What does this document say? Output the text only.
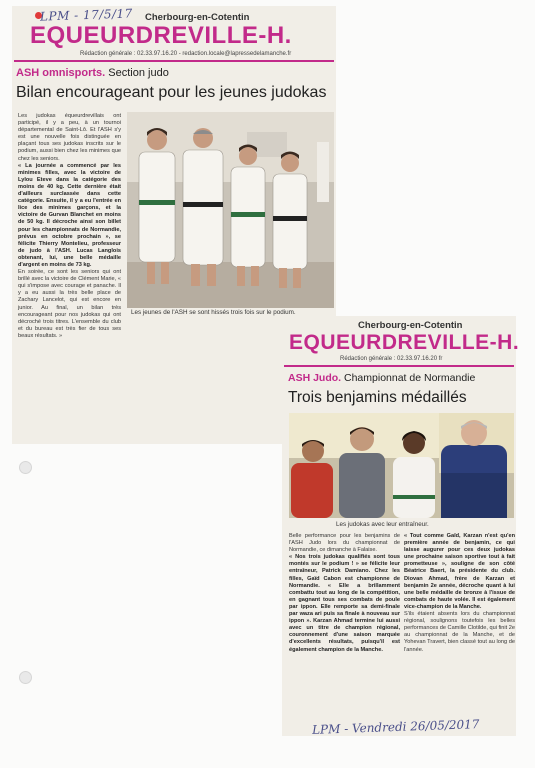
LPM - 17/5/17 Cherbourg-en-Cotentin
EQUEURDREVILLE-H.
Rédaction générale : 02.33.97.16.20 - redaction.locale@lapressedelamanche.fr
ASH omnisports. Section judo
Bilan encourageant pour les jeunes judokas
Les jeunes de l'ASH se sont hissés trois fois sur le podium.

Les judokas équeurdrevillais ont participé, il y a peu, à un tournoi départemental de Saint-Lô. Et l'ASH s'y est une nouvelle fois distinguée en plaçant tous ses judokas inscrits sur le podium, aussi bien chez les minimes que chez les seniors.

« La journée a commencé par les minimes filles, avec la victoire de Lylou Eteve dans la catégorie des moins de 40 kg. Cette dernière était d'ailleurs surclassée dans cette catégorie. Ensuite, il y a eu l'entrée en lice des minimes garçons, et la victoire de Gurvan Blanchet en moins de 50 kg. Il décroche ainsi son billet pour les championnats de Normandie, prévus en octobre prochain », se félicite Thierry Montelieu, professeur de judo à l'ASH. Lucas Langlois obtenant, lui, une belle médaille d'argent en moins de 73 kg.

En soirée, ce sont les seniors qui ont brillé avec la victoire de Clément Marie, « qui s'impose avec courage et panache. Il y a eu aussi la très belle place de Zachary Lancelot, qui est encore en junior. Au final, un bilan très encourageant pour nos judokas qui ont décroché trois titres. L'ensemble du club et du bureau est très fier de tous ses beaux résultats. »

Cherbourg-en-Cotentin
EQUEURDREVILLE-H.
Rédaction générale : 02.33.97.16.20 fr
ASH Judo. Championnat de Normandie
Trois benjamins médaillés
Les judokas avec leur entraîneur.

Belle performance pour les benjamins de l'ASH Judo lors du championnat de Normandie, ce dimanche à Falaise.

« Nos trois judokas qualifiés sont tous montés sur le podium ! » se félicite leur entraîneur, Patrick Damiano. Chez les filles, Gaïd Cabon est championne de Normandie. « Elle a brillamment combattu tout au long de la compétition, en gagnant tous ses combats de poule par ippon. Elle remporte sa demi-finale par waza ari puis sa finale à nouveau sur ippon ». Karzan Ahmad termine lui aussi avec un titre de champion régional, couronnement d'une saison marquée d'excellents résultats, puisqu'il est également champion de la Manche.

« Tout comme Gaïd, Karzan n'est qu'en première année de benjamin, ce qui laisse augurer pour ces deux judokas une prochaine saison sportive tout à fait prometteuse », souligne de son côté Béatrice Baert, la présidente du club. Diovan Ahmad, frère de Karzan et benjamin 2e année, décroche quant à lui une belle médaille de bronze à l'issue de combats de haute volée. Il est également vice-champion de la Manche.

S'ils étaient absents lors du championnat régional, soulignons toutefois les belles performances de Camille Clotilde, qui finit 2e au championnat de la Manche, et de Yohevan Travert, bien classé tout au long de l'année.

LPM - Vendredi 26/05/2017
